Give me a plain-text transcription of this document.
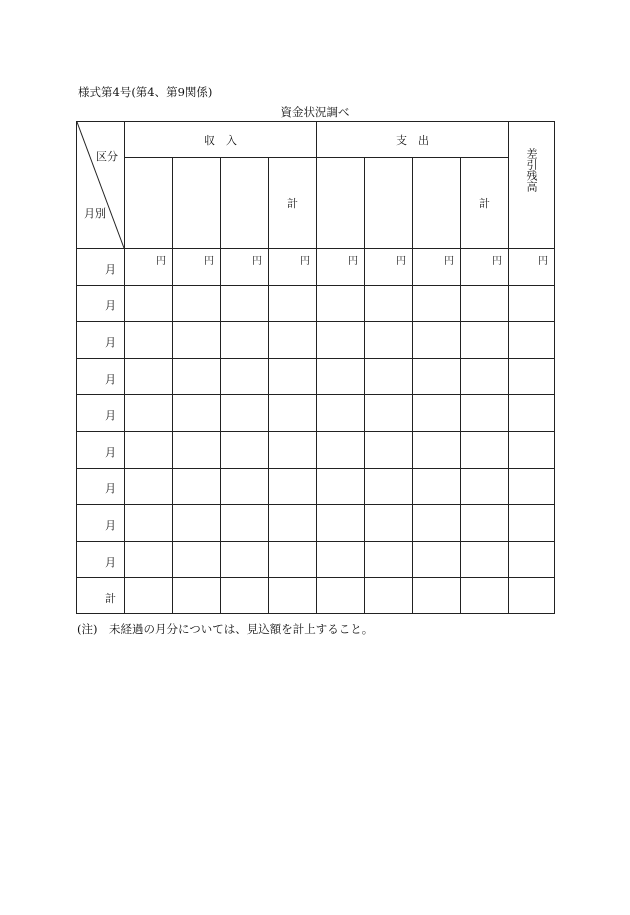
様式第4号(第4、第9関係)
資金状況調べ
区分
月別	収　入				支　出				差引残高
				計				計	
月	円	円	円	円	円	円	円	円	円
月									
月									
月									
月									
月									
月									
月									
月									
計									
(注)　未経過の月分については、見込額を計上すること。
